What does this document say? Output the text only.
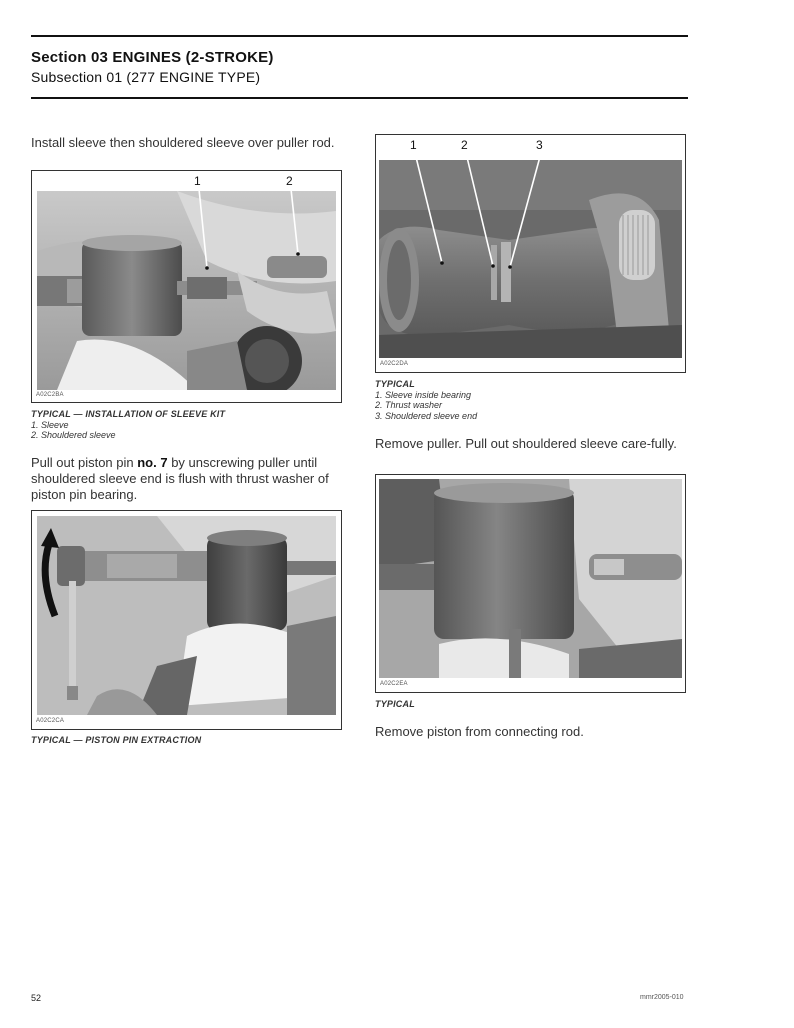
Section 03 ENGINES (2-STROKE)
Subsection 01 (277 ENGINE TYPE)
Install sleeve then shouldered sleeve over puller rod.
A02C2BA
1	2
TYPICAL — INSTALLATION OF SLEEVE KIT
1. Sleeve
2. Shouldered sleeve
Pull out piston pin no. 7 by unscrewing puller until shouldered sleeve end is flush with thrust washer of piston pin bearing.
A02C2CA
TYPICAL — PISTON PIN EXTRACTION
A02C2DA
1	2	3
TYPICAL
1. Sleeve inside bearing
2. Thrust washer
3. Shouldered sleeve end
Remove puller. Pull out shouldered sleeve care-fully.
A02C2EA
TYPICAL
Remove piston from connecting rod.
52	mmr2005-010
